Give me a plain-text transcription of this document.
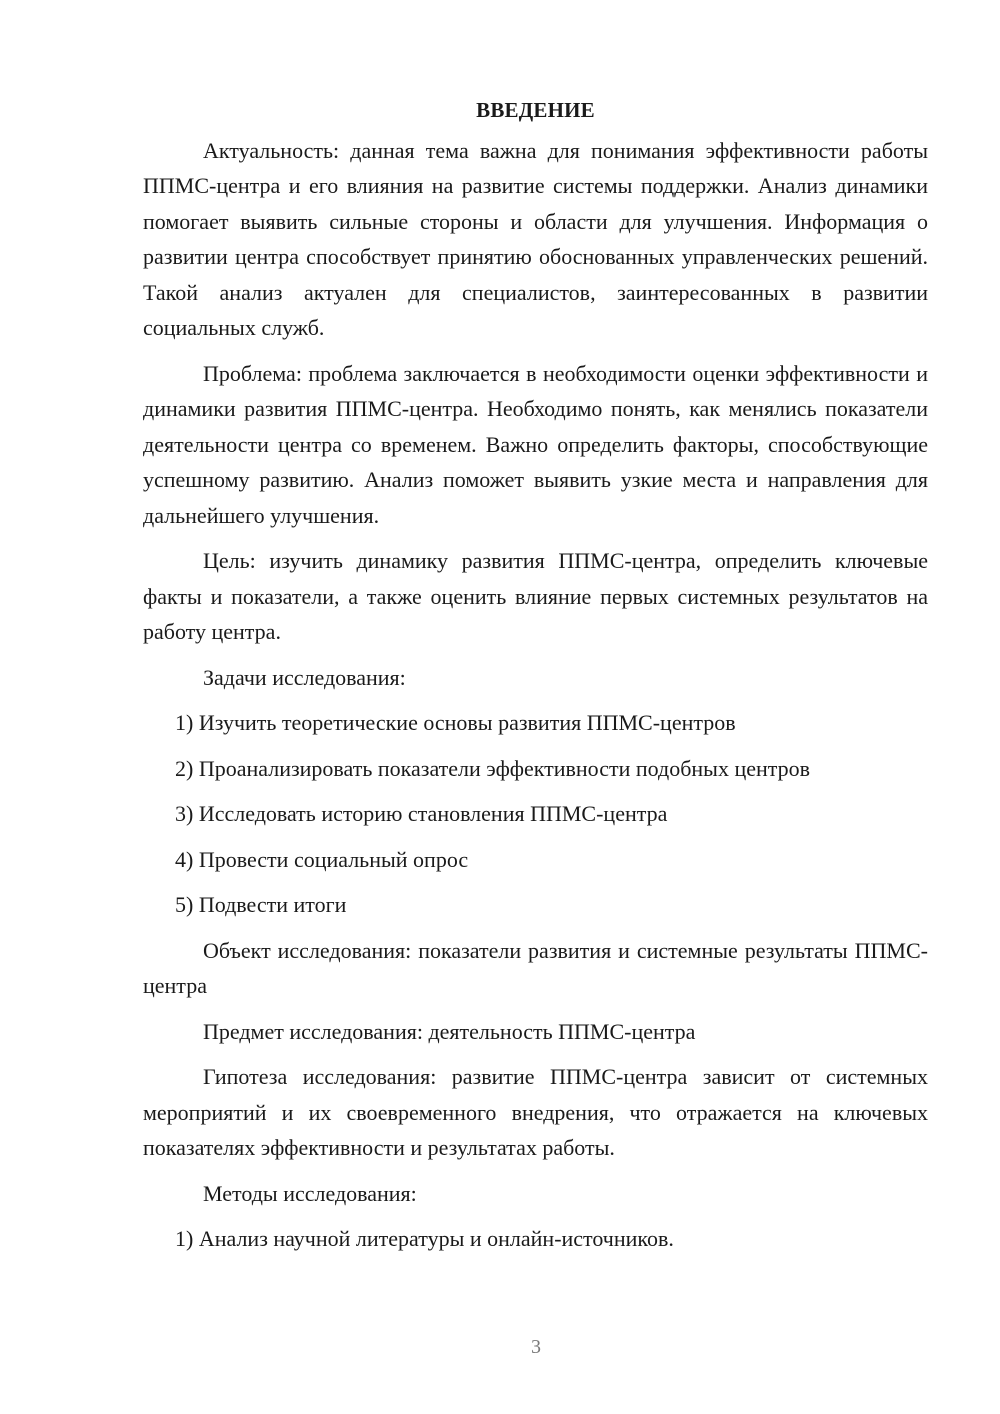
ВВЕДЕНИЕ

Актуальность: данная тема важна для понимания эффективности работы ППМС-центра и его влияния на развитие системы поддержки. Анализ динамики помогает выявить сильные стороны и области для улучшения. Информация о развитии центра способствует принятию обоснованных управленческих решений. Такой анализ актуален для специалистов, заинтересованных в развитии социальных служб.

Проблема: проблема заключается в необходимости оценки эффективности и динамики развития ППМС-центра. Необходимо понять, как менялись показатели деятельности центра со временем. Важно определить факторы, способствующие успешному развитию. Анализ поможет выявить узкие места и направления для дальнейшего улучшения.

Цель: изучить динамику развития ППМС-центра, определить ключевые факты и показатели, а также оценить влияние первых системных результатов на работу центра.

Задачи исследования:

1) Изучить теоретические основы развития ППМС-центров

2) Проанализировать показатели эффективности подобных центров

3) Исследовать историю становления ППМС-центра

4) Провести социальный опрос

5) Подвести итоги

Объект исследования: показатели развития и системные результаты ППМС-центра

Предмет исследования: деятельность ППМС-центра

Гипотеза исследования: развитие ППМС-центра зависит от системных мероприятий и их своевременного внедрения, что отражается на ключевых показателях эффективности и результатах работы.

Методы исследования:

1) Анализ научной литературы и онлайн-источников.

3
